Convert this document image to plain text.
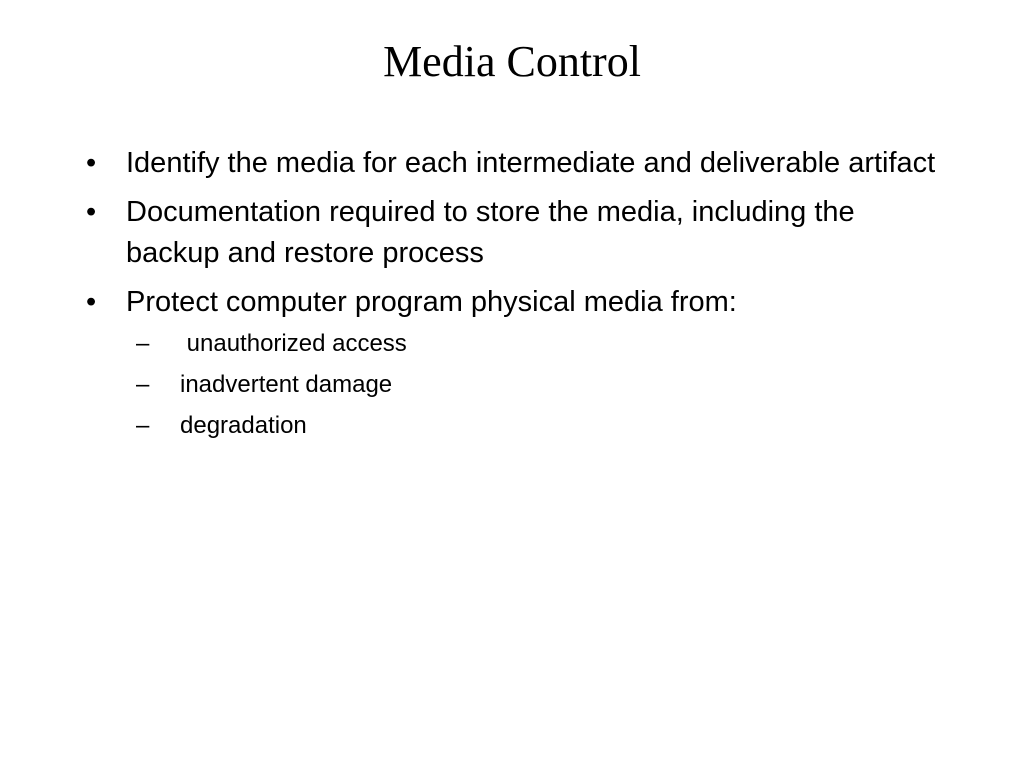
Media Control
•	Identify the media for each intermediate and deliverable artifact
•	Documentation required to store the media, including the backup and restore process
•	Protect computer program physical media from:
– unauthorized access
– inadvertent damage
– degradation
